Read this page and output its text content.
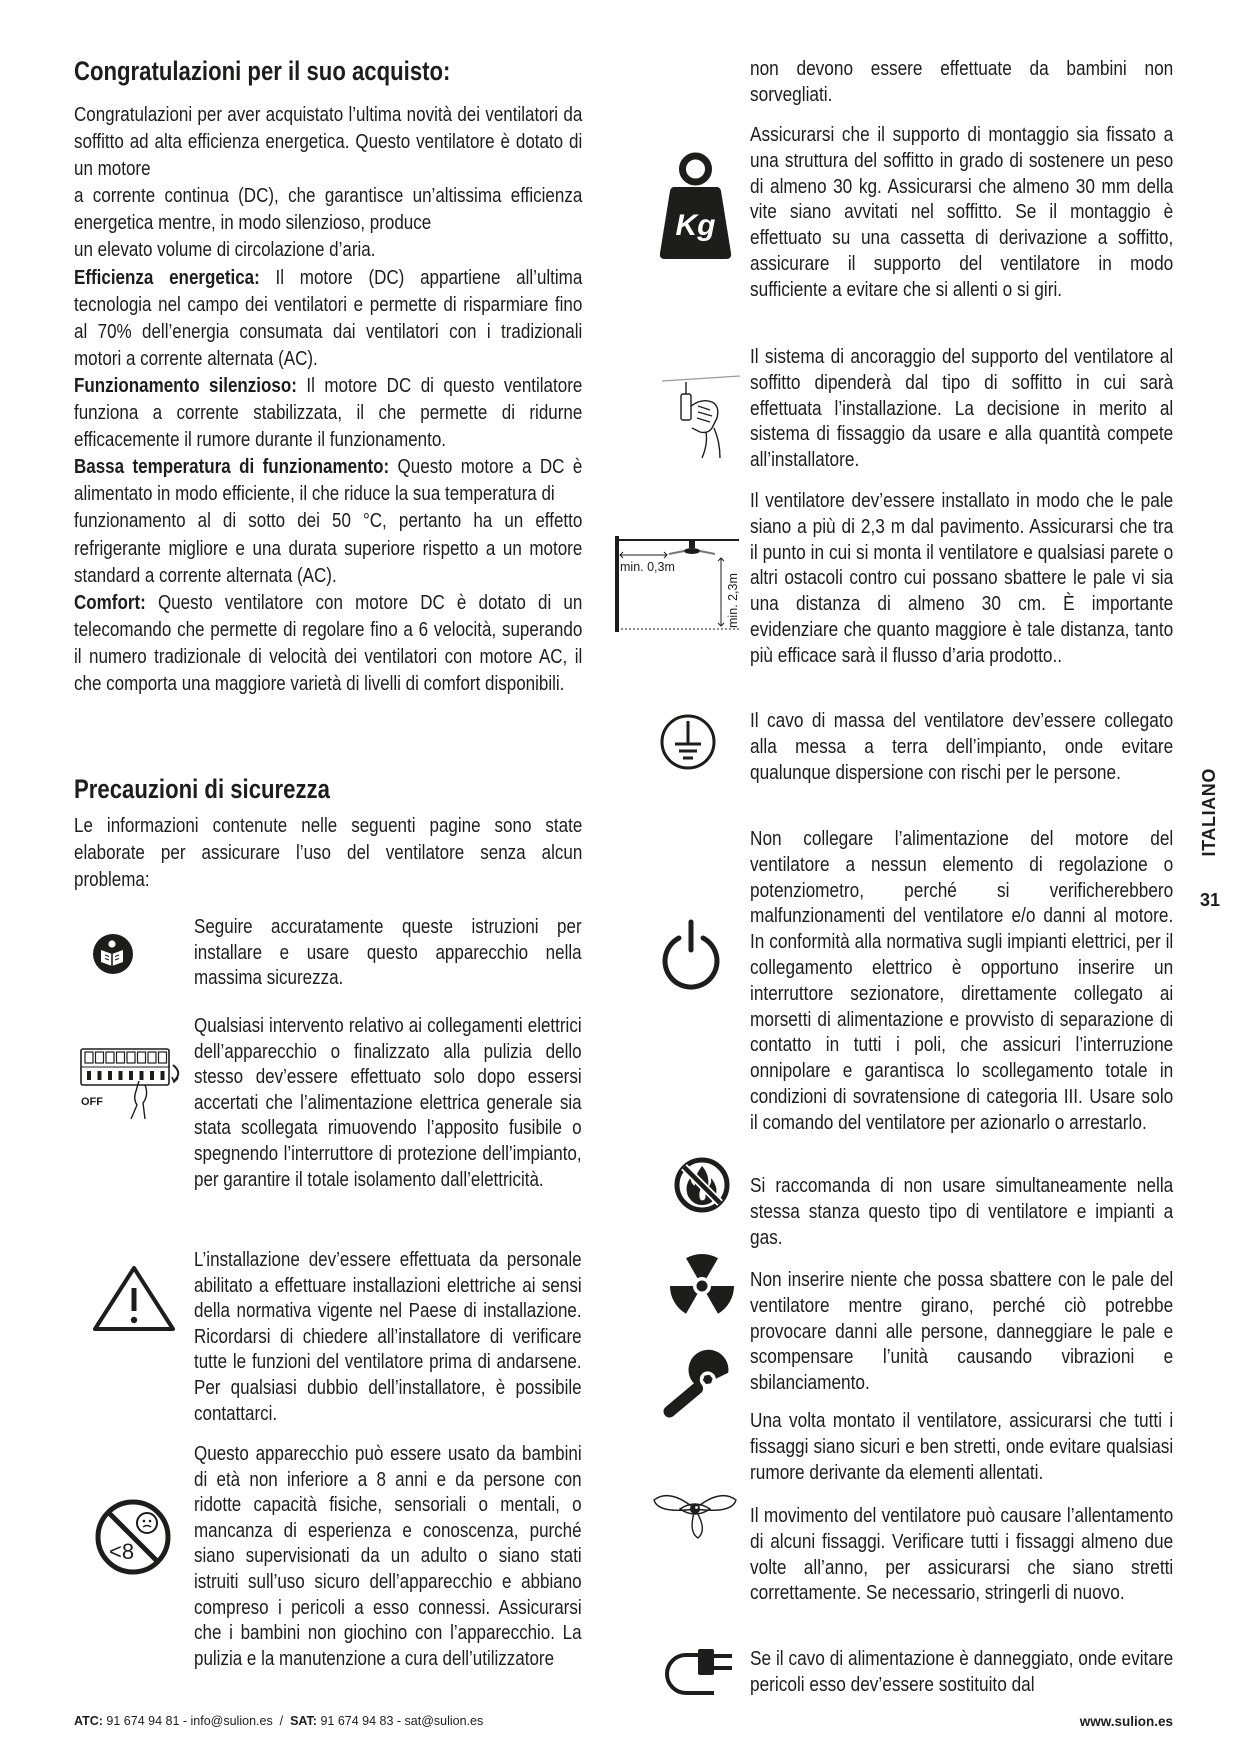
Congratulazioni per il suo acquisto:
Congratulazioni per aver acquistato l’ultima novità dei ventilatori da soffitto ad alta efficienza energetica. Questo ventilatore è dotato di un motore
a corrente continua (DC), che garantisce un’altissima efficienza energetica mentre, in modo silenzioso, produce
un elevato volume di circolazione d’aria.
Efficienza energetica: Il motore (DC) appartiene all’ultima tecnologia nel campo dei ventilatori e permette di risparmiare fino al 70% dell’energia consumata dai ventilatori con i tradizionali motori a corrente alternata (AC).
Funzionamento silenzioso: Il motore DC di questo ventilatore funziona a corrente stabilizzata, il che permette di ridurne efficacemente il rumore durante il funzionamento.
Bassa temperatura di funzionamento: Questo motore a DC è alimentato in modo efficiente, il che riduce la sua temperatura di
funzionamento al di sotto dei 50 °C, pertanto ha un effetto refrigerante migliore e una durata superiore rispetto a un motore standard a corrente alternata (AC).
Comfort: Questo ventilatore con motore DC è dotato di un telecomando che permette di regolare fino a 6 velocità, superando il numero tradizionale di velocità dei ventilatori con motore AC, il che comporta una maggiore varietà di livelli di comfort disponibili.
Precauzioni di sicurezza
Le informazioni contenute nelle seguenti pagine sono state elaborate per assicurare l’uso del ventilatore senza alcun problema:
Seguire accuratamente queste istruzioni per installare e usare questo apparecchio nella massima sicurezza.
OFF
Qualsiasi intervento relativo ai collegamenti elettrici dell’apparecchio o finalizzato alla pulizia dello stesso dev’essere effettuato solo dopo essersi accertati che l’alimentazione elettrica generale sia stata scollegata rimuovendo l’apposito fusibile o spegnendo l’interruttore di protezione dell’impianto, per garantire il totale isolamento dall’elettricità.
L’installazione dev’essere effettuata da personale abilitato a effettuare installazioni elettriche ai sensi della normativa vigente nel Paese di installazione. Ricordarsi di chiedere all’installatore di verificare tutte le funzioni del ventilatore prima di andarsene. Per qualsiasi dubbio dell’installatore, è possibile contattarci.
<8
Questo apparecchio può essere usato da bambini di età non inferiore a 8 anni e da persone con ridotte capacità fisiche, sensoriali o mentali, o mancanza di esperienza e conoscenza, purché siano supervisionati da un adulto o siano stati istruiti sull’uso sicuro dell’apparecchio e abbiano compreso i pericoli a esso connessi. Assicurarsi che i bambini non giochino con l’apparecchio. La pulizia e la manutenzione a cura dell’utilizzatore
non devono essere effettuate da bambini non sorvegliati.
Kg
Assicurarsi che il supporto di montaggio sia fissato a una struttura del soffitto in grado di sostenere un peso di almeno 30 kg. Assicurarsi che almeno 30 mm della vite siano avvitati nel soffitto. Se il montaggio è effettuato su una cassetta di derivazione a soffitto, assicurare il supporto del ventilatore in modo sufficiente a evitare che si allenti o si giri.
Il sistema di ancoraggio del supporto del ventilatore al soffitto dipenderà dal tipo di soffitto in cui sarà effettuata l’installazione. La decisione in merito al sistema di fissaggio da usare e alla quantità compete all’installatore.
min. 0,3m
min. 2,3m
Il ventilatore dev’essere installato in modo che le pale siano a più di 2,3 m dal pavimento. Assicurarsi che tra il punto in cui si monta il ventilatore e qualsiasi parete o altri ostacoli contro cui possano sbattere le pale vi sia una distanza di almeno 30 cm. È importante evidenziare che quanto maggiore è tale distanza, tanto più efficace sarà il flusso d’aria prodotto..
Il cavo di massa del ventilatore dev’essere collegato alla messa a terra dell’impianto, onde evitare qualunque dispersione con rischi per le persone.
Non collegare l’alimentazione del motore del ventilatore a nessun elemento di regolazione o potenziometro, perché si verificherebbero malfunzionamenti del ventilatore e/o danni al motore. In conformità alla normativa sugli impianti elettrici, per il collegamento elettrico è opportuno inserire un interruttore sezionatore, direttamente collegato ai morsetti di alimentazione e provvisto di separazione di contatto in tutti i poli, che assicuri l’interruzione onnipolare e garantisca lo scollegamento totale in condizioni di sovratensione di categoria III. Usare solo il comando del ventilatore per azionarlo o arrestarlo.
Si raccomanda di non usare simultaneamente nella stessa stanza questo tipo di ventilatore e impianti a gas.
Non inserire niente che possa sbattere con le pale del ventilatore mentre girano, perché ciò potrebbe provocare danni alle persone, danneggiare le pale e scompensare l’unità causando vibrazioni e sbilanciamento.
Una volta montato il ventilatore, assicurarsi che tutti i fissaggi siano sicuri e ben stretti, onde evitare qualsiasi rumore derivante da elementi allentati.
Il movimento del ventilatore può causare l’allentamento di alcuni fissaggi. Verificare tutti i fissaggi almeno due volte all’anno, per assicurarsi che siano stretti correttamente. Se necessario, stringerli di nuovo.
Se il cavo di alimentazione è danneggiato, onde evitare pericoli esso dev’essere sostituito dal
ITALIANO
31
ATC: 91 674 94 81 - info@sulion.es / SAT: 91 674 94 83 - sat@sulion.es	www.sulion.es
